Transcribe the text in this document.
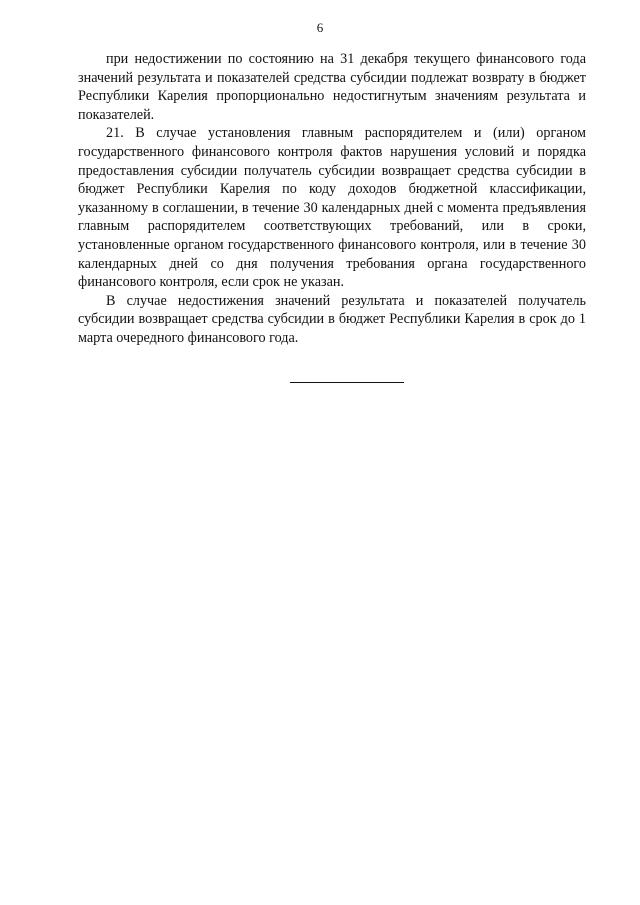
6

при недостижении по состоянию на 31 декабря текущего финансового года значений результата и показателей средства субсидии подлежат возврату в бюджет Республики Карелия пропорционально недостигнутым значениям результата и показателей.

21. В случае установления главным распорядителем и (или) органом государственного финансового контроля фактов нарушения условий и порядка предоставления субсидии получатель субсидии возвращает средства субсидии в бюджет Республики Карелия по коду доходов бюджетной классификации, указанному в соглашении, в течение 30 календарных дней с момента предъявления главным распорядителем соответствующих требований, или в сроки, установленные органом государственного финансового контроля, или в течение 30 календарных дней со дня получения требования органа государственного финансового контроля, если срок не указан.

В случае недостижения значений результата и показателей получатель субсидии возвращает средства субсидии в бюджет Республики Карелия в срок до 1 марта очередного финансового года.
